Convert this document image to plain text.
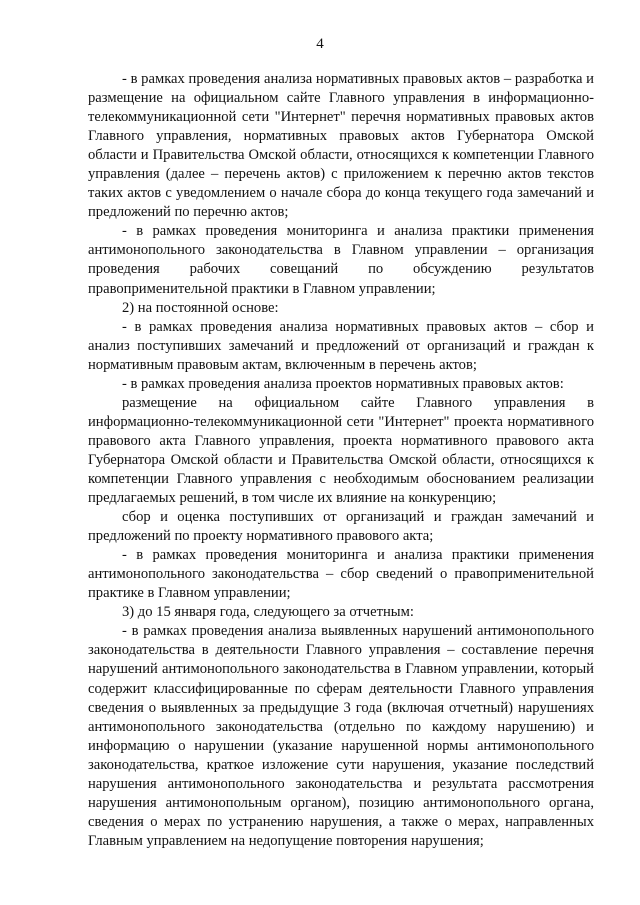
4

- в рамках проведения анализа нормативных правовых актов – разработка и размещение на официальном сайте Главного управления в информационно-телекоммуникационной сети "Интернет" перечня нормативных правовых актов Главного управления, нормативных правовых актов Губернатора Омской области и Правительства Омской области, относящихся к компетенции Главного управления (далее – перечень актов) с приложением к перечню актов текстов таких актов с уведомлением о начале сбора до конца текущего года замечаний и предложений по перечню актов;

- в рамках проведения мониторинга и анализа практики применения антимонопольного законодательства в Главном управлении – организация проведения рабочих совещаний по обсуждению результатов правоприменительной практики в Главном управлении;

2) на постоянной основе:

- в рамках проведения анализа нормативных правовых актов – сбор и анализ поступивших замечаний и предложений от организаций и граждан к нормативным правовым актам, включенным в перечень актов;

- в рамках проведения анализа проектов нормативных правовых актов:

размещение на официальном сайте Главного управления в информационно-телекоммуникационной сети "Интернет" проекта нормативного правового акта Главного управления, проекта нормативного правового акта Губернатора Омской области и Правительства Омской области, относящихся к компетенции Главного управления с необходимым обоснованием реализации предлагаемых решений, в том числе их влияние на конкуренцию;

сбор и оценка поступивших от организаций и граждан замечаний и предложений по проекту нормативного правового акта;

- в рамках проведения мониторинга и анализа практики применения антимонопольного законодательства – сбор сведений о правоприменительной практике в Главном управлении;

3) до 15 января года, следующего за отчетным:

- в рамках проведения анализа выявленных нарушений антимонопольного законодательства в деятельности Главного управления – составление перечня нарушений антимонопольного законодательства в Главном управлении, который содержит классифицированные по сферам деятельности Главного управления сведения о выявленных за предыдущие 3 года (включая отчетный) нарушениях антимонопольного законодательства (отдельно по каждому нарушению) и информацию о нарушении (указание нарушенной нормы антимонопольного законодательства, краткое изложение сути нарушения, указание последствий нарушения антимонопольного законодательства и результата рассмотрения нарушения антимонопольным органом), позицию антимонопольного органа, сведения о мерах по устранению нарушения, а также о мерах, направленных Главным управлением на недопущение повторения нарушения;
